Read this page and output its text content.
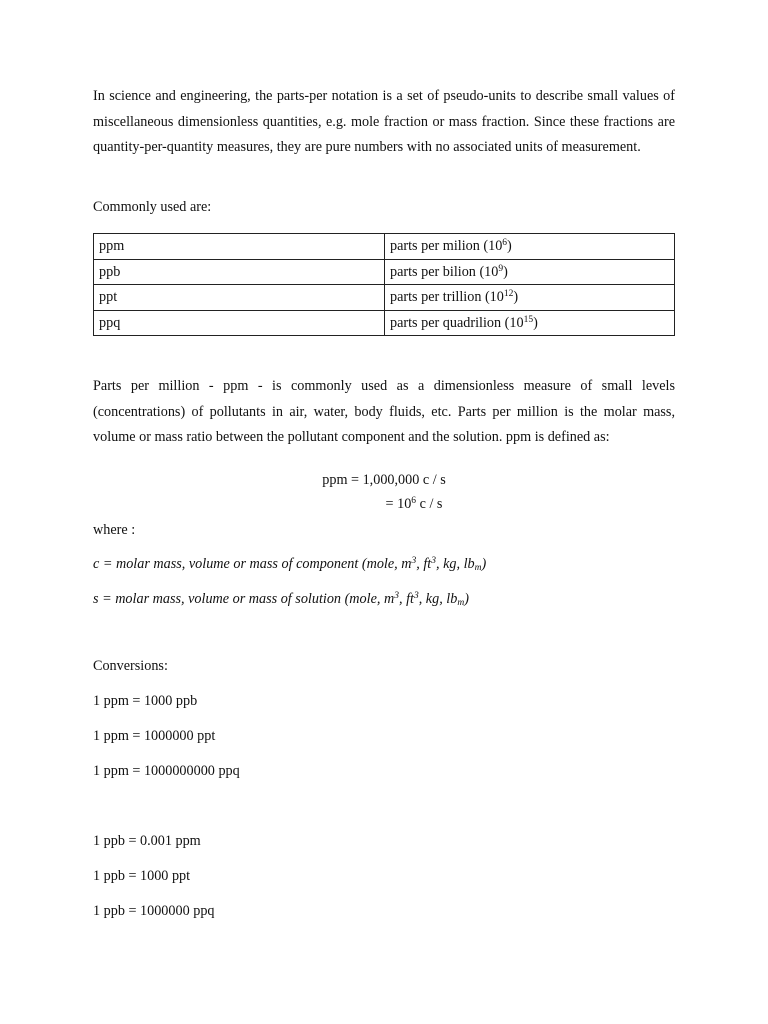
In science and engineering, the parts-per notation is a set of pseudo-units to describe small values of miscellaneous dimensionless quantities, e.g. mole fraction or mass fraction. Since these fractions are quantity-per-quantity measures, they are pure numbers with no associated units of measurement.

Commonly used are:

ppm	parts per milion $(10^6)$
ppb	parts per bilion $(10^9)$
ppt	parts per trillion $(10^{12})$
ppq	parts per quadrilion $(10^{15})$

Parts per million - ppm - is commonly used as a dimensionless measure of small levels (concentrations) of pollutants in air, water, body fluids, etc. Parts per million is the molar mass, volume or mass ratio between the pollutant component and the solution. ppm is defined as:

ppm = 1,000,000 c / s

= $10^6$ c / s

where :

c = molar mass, volume or mass of component (mole, $m^3$, $ft^3$, kg, $lb_m$)

s = molar mass, volume or mass of solution (mole, $m^3$, $ft^3$, kg, $lb_m$)

Conversions:

1 ppm = 1000 ppb

1 ppm = 1000000 ppt

1 ppm = 1000000000 ppq

1 ppb = 0.001 ppm

1 ppb = 1000 ppt

1 ppb = 1000000 ppq
